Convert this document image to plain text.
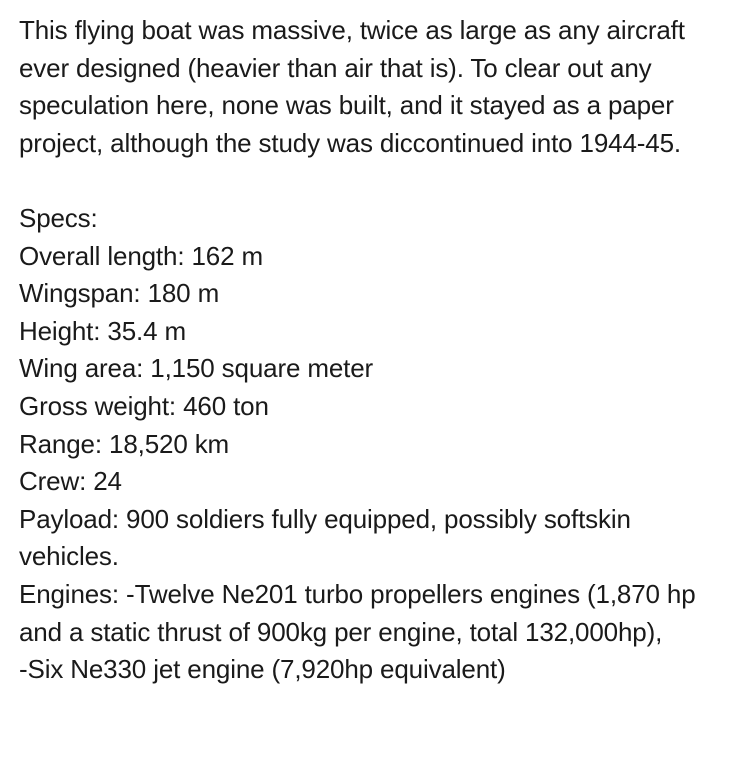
This flying boat was massive, twice as large as any aircraft ever designed (heavier than air that is). To clear out any speculation here, none was built, and it stayed as a paper project, although the study was diccontinued into 1944-45.

Specs:

Overall length: 162 m

Wingspan: 180 m

Height: 35.4 m

Wing area: 1,150 square meter

Gross weight: 460 ton

Range: 18,520 km

Crew: 24

Payload: 900 soldiers fully equipped, possibly softskin vehicles.

Engines: -Twelve Ne201 turbo propellers engines (1,870 hp and a static thrust of 900kg per engine, total 132,000hp),

-Six Ne330 jet engine (7,920hp equivalent)
